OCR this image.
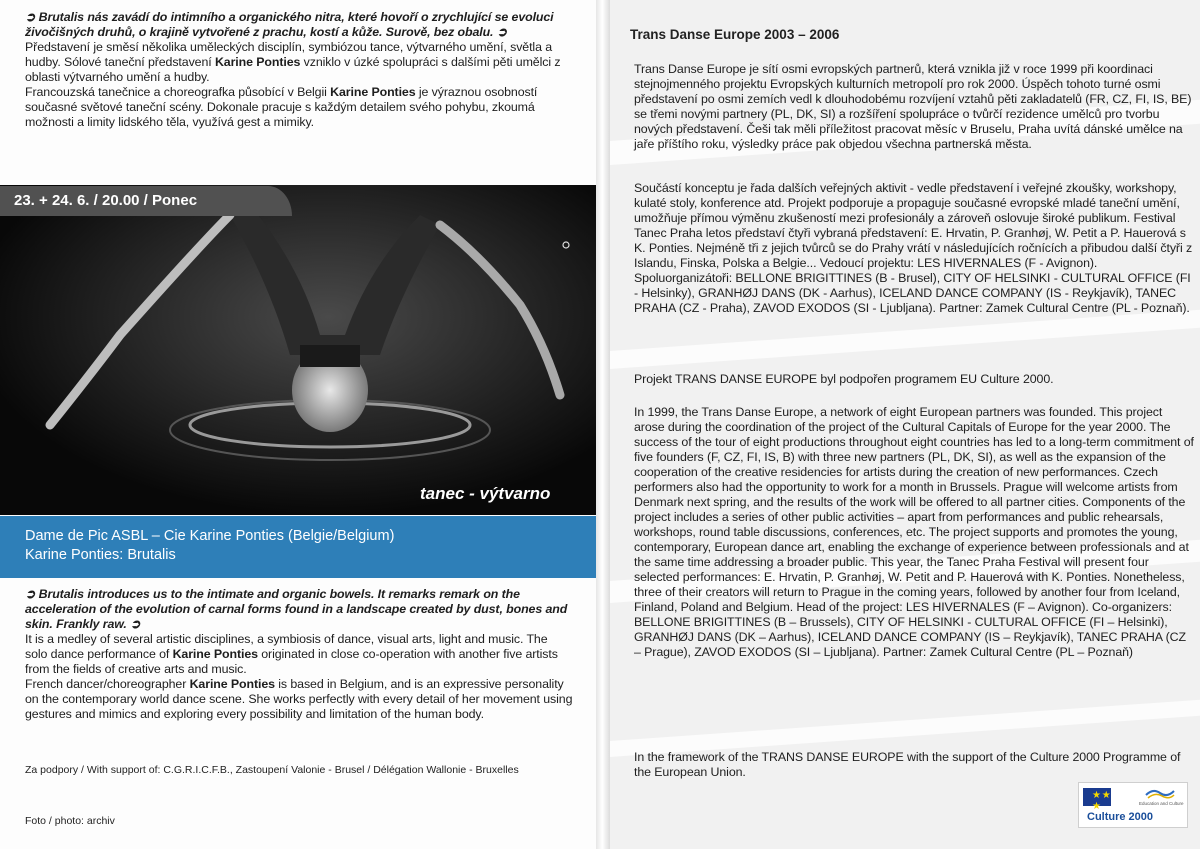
➲ Brutalis nás zavádí do intimního a organického nitra, které hovoří o zrychlující se evoluci živočišných druhů, o krajině vytvořené z prachu, kostí a kůže. Surově, bez obalu. ➲

Představení je směsí několika uměleckých disciplín, symbiózou tance, výtvarného umění, světla a hudby. Sólové taneční představení Karine Ponties vzniklo v úzké spolupráci s dalšími pěti umělci z oblasti výtvarného umění a hudby.

Francouzská tanečnice a choreografka působící v Belgii Karine Ponties je výraznou osobností současné světové taneční scény. Dokonale pracuje s každým detailem svého pohybu, zkoumá možnosti a limity lidského těla, využívá gest a mimiky.

23. + 24. 6. / 20.00 / Ponec
tanec - výtvarno
Dame de Pic ASBL – Cie Karine Ponties (Belgie/Belgium)
Karine Ponties: Brutalis

➲ Brutalis introduces us to the intimate and organic bowels. It remarks remark on the acceleration of the evolution of carnal forms found in a landscape created by dust, bones and skin. Frankly raw. ➲

It is a medley of several artistic disciplines, a symbiosis of dance, visual arts, light and music. The solo dance performance of Karine Ponties originated in close co-operation with another five artists from the fields of creative arts and music.

French dancer/choreographer Karine Ponties is based in Belgium, and is an expressive personality on the contemporary world dance scene. She works perfectly with every detail of her movement using gestures and mimics and exploring every possibility and limitation of the human body.

Za podpory / With support of: C.G.R.I.C.F.B., Zastoupení Valonie - Brusel / Délégation Wallonie - Bruxelles
Foto / photo: archiv
Trans Danse Europe 2003 – 2006

Trans Danse Europe je sítí osmi evropských partnerů, která vznikla již v roce 1999 při koordinaci stejnojmenného projektu Evropských kulturních metropolí pro rok 2000. Úspěch tohoto turné osmi představení po osmi zemích vedl k dlouhodobému rozvíjení vztahů pěti zakladatelů (FR, CZ, FI, IS, BE) se třemi novými partnery (PL, DK, SI) a rozšíření spolupráce o tvůrčí rezidence umělců pro tvorbu nových představení. Češi tak měli příležitost pracovat měsíc v Bruselu, Praha uvítá dánské umělce na jaře příštího roku, výsledky práce pak objedou všechna partnerská města.

Součástí konceptu je řada dalších veřejných aktivit - vedle představení i veřejné zkoušky, workshopy, kulaté stoly, konference atd. Projekt podporuje a propaguje současné evropské mladé taneční umění, umožňuje přímou výměnu zkušeností mezi profesionály a zároveň oslovuje široké publikum. Festival Tanec Praha letos představí čtyři vybraná představení: E. Hrvatin, P. Granhøj, W. Petit a P. Hauerová s K. Ponties. Nejméně tři z jejich tvůrců se do Prahy vrátí v následujících ročnících a přibudou další čtyři z Islandu, Finska, Polska a Belgie... Vedoucí projektu: LES HIVERNALES (F - Avignon). Spoluorganizátoři: BELLONE BRIGITTINES (B - Brusel), CITY OF HELSINKI - CULTURAL OFFICE (FI - Helsinky), GRANHØJ DANS (DK - Aarhus), ICELAND DANCE COMPANY (IS - Reykjavík), TANEC PRAHA (CZ - Praha), ZAVOD EXODOS (SI - Ljubljana). Partner: Zamek Cultural Centre (PL - Poznaň).

Projekt TRANS DANSE EUROPE byl podpořen programem EU Culture 2000.

In 1999, the Trans Danse Europe, a network of eight European partners was founded. This project arose during the coordination of the project of the Cultural Capitals of Europe for the year 2000. The success of the tour of eight productions throughout eight countries has led to a long-term commitment of five founders (F, CZ, FI, IS, B) with three new partners (PL, DK, SI), as well as the expansion of the cooperation of the creative residencies for artists during the creation of new performances. Czech performers also had the opportunity to work for a month in Brussels. Prague will welcome artists from Denmark next spring, and the results of the work will be offered to all partner cities. Components of the project includes a series of other public activities – apart from performances and public rehearsals, workshops, round table discussions, conferences, etc. The project supports and promotes the young, contemporary, European dance art, enabling the exchange of experience between professionals and at the same time addressing a broader public. This year, the Tanec Praha Festival will present four selected performances: E. Hrvatin, P. Granhøj, W. Petit and P. Hauerová with K. Ponties. Nonetheless, three of their creators will return to Prague in the coming years, followed by another four from Iceland, Finland, Poland and Belgium. Head of the project: LES HIVERNALES (F – Avignon). Co-organizers: BELLONE BRIGITTINES (B – Brussels), CITY OF HELSINKI - CULTURAL OFFICE (FI – Helsinki), GRANHØJ DANS (DK – Aarhus), ICELAND DANCE COMPANY (IS – Reykjavík), TANEC PRAHA (CZ – Prague), ZAVOD EXODOS (SI – Ljubljana). Partner: Zamek Cultural Centre (PL – Poznaň)

In the framework of the TRANS DANSE EUROPE with the support of the Culture 2000 Programme of the European Union.

★ ★ ★	Education and Culture
Culture 2000
